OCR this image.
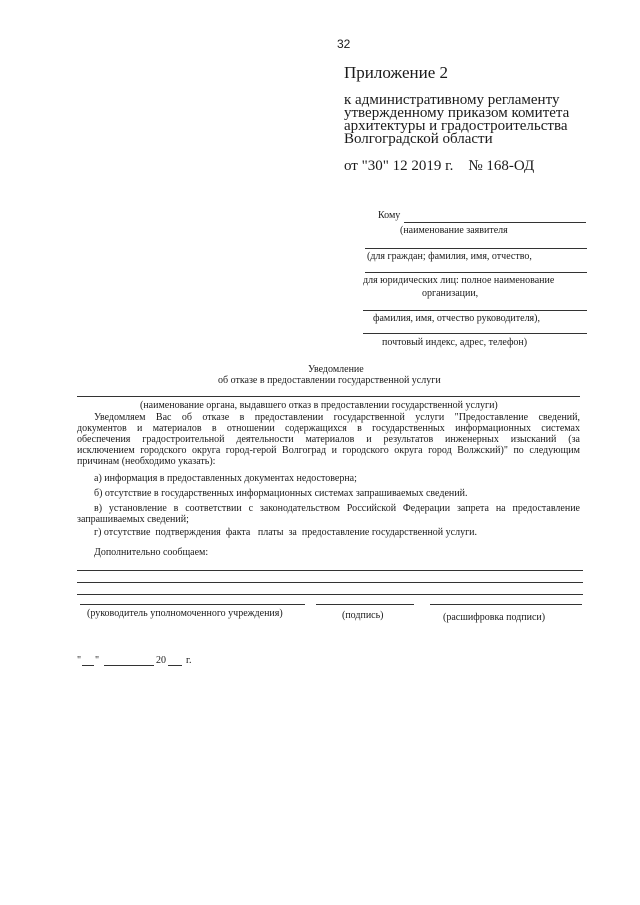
32
Приложение 2
к административному регламенту
утвержденному приказом комитета
архитектуры и градостроительства
Волгоградской области
от "30" 12 2019 г.    № 168-ОД
Кому
(наименование заявителя
(для граждан; фамилия, имя, отчество,
для юридических лиц: полное наименование
организации,
фамилия, имя, отчество руководителя),
почтовый индекс, адрес, телефон)
Уведомление
об отказе в предоставлении государственной услуги
(наименование органа, выдавшего отказ в предоставлении государственной услуги)
Уведомляем Вас об отказе в предоставлении государственной услуги "Предоставление сведений,
документов и материалов в отношении содержащихся в государственных информационных системах
обеспечения градостроительной деятельности материалов и результатов инженерных изысканий (за
исключением городского округа город-герой Волгоград и городского округа город Волжский)" по следующим
причинам (необходимо указать):
а) информация в предоставленных документах недостоверна;
б) отсутствие в государственных информационных системах запрашиваемых сведений.
в) установление в соответствии с законодательством Российской Федерации запрета на предоставление
запрашиваемых сведений;
г) отсутствие  подтверждения  факта   платы  за  предоставление государственной услуги.
Дополнительно сообщаем:
(руководитель уполномоченного учреждения)	(подпись)	(расшифровка подписи)
" "	20 г.
